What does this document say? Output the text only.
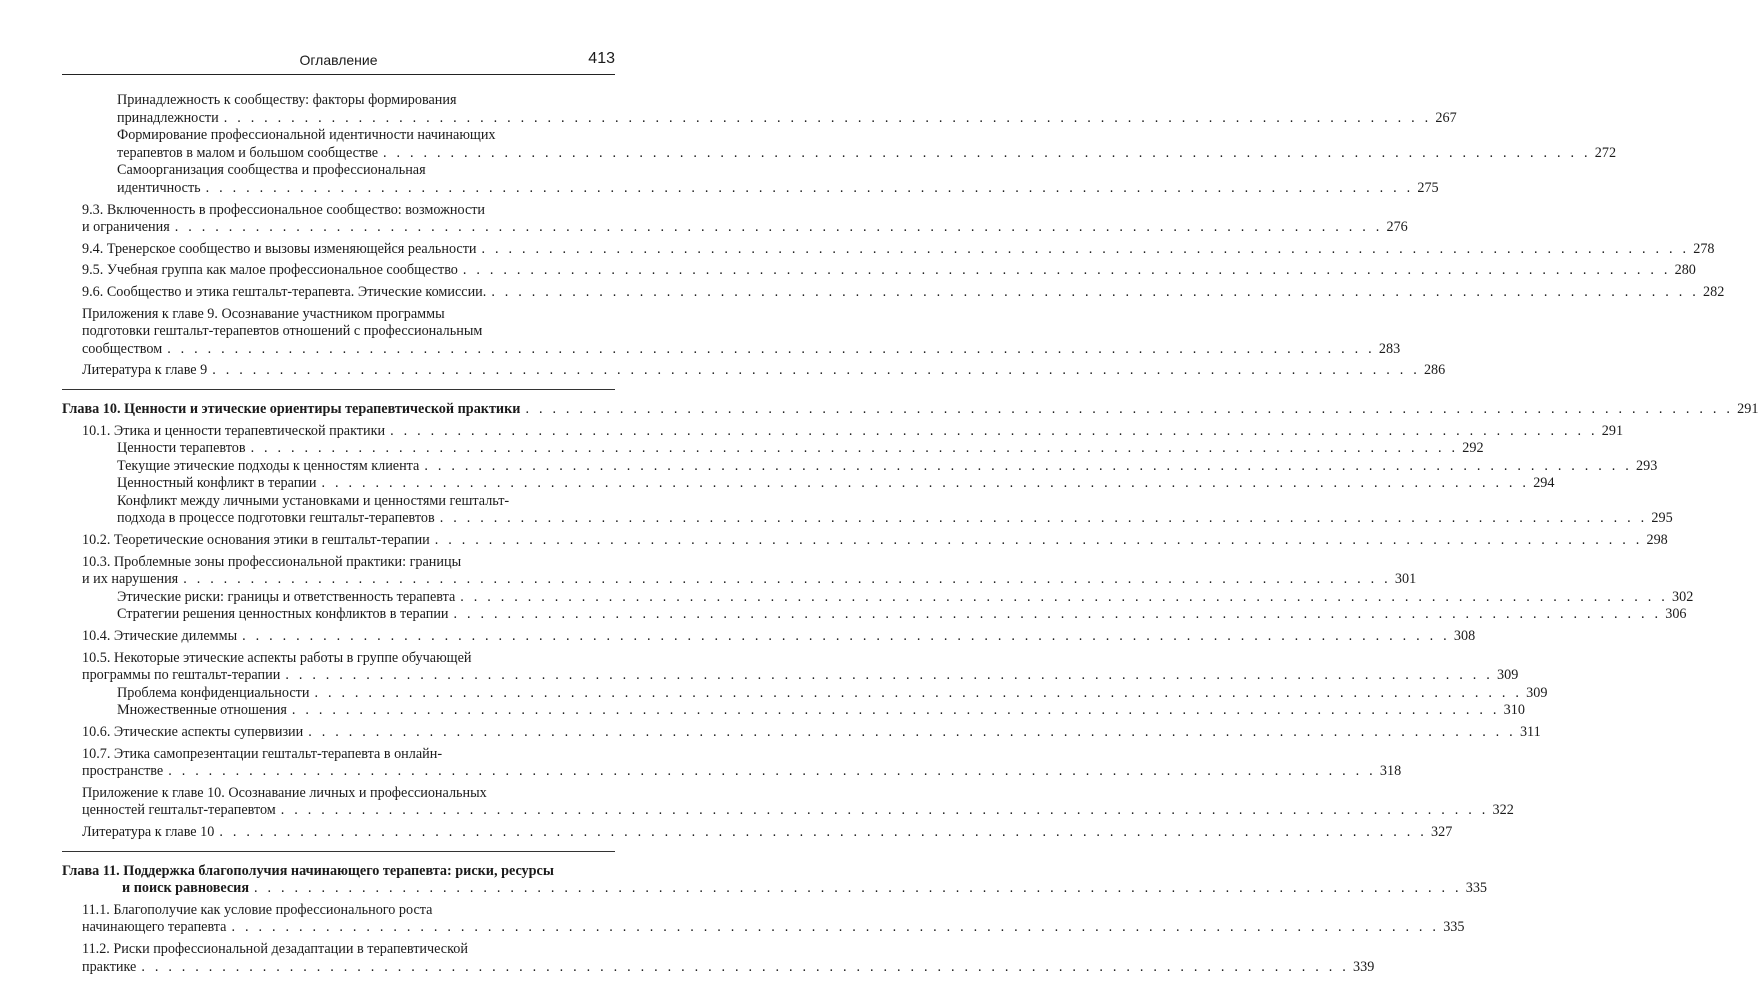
Оглавление	413
Принадлежность к сообществу: факторы формирования
принадлежности . . . . . . . . . . . . . . . . . . . . . . . . . . . . . . . . . . . . . . . . . . . . . . . . . . . . . . . . . . . . . . . . . . . . . . . . . . . . . . . . . . . . . . . . . . 267
Формирование профессиональной идентичности начинающих
терапевтов в малом и большом сообществе . . . . . . . . . . . . . . . . . . . . . . . . . . . . . . . . . . . . . . . . . . . . . . . . . . . . . . . . . . . . . . . . . . . . . . . . . . . . . . . . . . . . . . . . . . 272
Самоорганизация сообщества и профессиональная
идентичность . . . . . . . . . . . . . . . . . . . . . . . . . . . . . . . . . . . . . . . . . . . . . . . . . . . . . . . . . . . . . . . . . . . . . . . . . . . . . . . . . . . . . . . . . . 275
9.3. Включенность в профессиональное сообщество: возможности
и ограничения . . . . . . . . . . . . . . . . . . . . . . . . . . . . . . . . . . . . . . . . . . . . . . . . . . . . . . . . . . . . . . . . . . . . . . . . . . . . . . . . . . . . . . . . . . 276
9.4. Тренерское сообщество и вызовы изменяющейся реальности . . . . . . . . . . . . . . . . . . . . . . . . . . . . . . . . . . . . . . . . . . . . . . . . . . . . . . . . . . . . . . . . . . . . . . . . . . . . . . . . . . . . . . . . . . 278
9.5. Учебная группа как малое профессиональное сообщество . . . . . . . . . . . . . . . . . . . . . . . . . . . . . . . . . . . . . . . . . . . . . . . . . . . . . . . . . . . . . . . . . . . . . . . . . . . . . . . . . . . . . . . . . . 280
9.6. Сообщество и этика гештальт-терапевта. Этические комиссии. . . . . . . . . . . . . . . . . . . . . . . . . . . . . . . . . . . . . . . . . . . . . . . . . . . . . . . . . . . . . . . . . . . . . . . . . . . . . . . . . . . . . . . . . . . 282
Приложения к главе 9. Осознавание участником программы
подготовки гештальт-терапевтов отношений с профессиональным
сообществом . . . . . . . . . . . . . . . . . . . . . . . . . . . . . . . . . . . . . . . . . . . . . . . . . . . . . . . . . . . . . . . . . . . . . . . . . . . . . . . . . . . . . . . . . . 283
Литература к главе 9 . . . . . . . . . . . . . . . . . . . . . . . . . . . . . . . . . . . . . . . . . . . . . . . . . . . . . . . . . . . . . . . . . . . . . . . . . . . . . . . . . . . . . . . . . . 286
Глава 10. Ценности и этические ориентиры терапевтической практики . . . . . . . . . . . . . . . . . . . . . . . . . . . . . . . . . . . . . . . . . . . . . . . . . . . . . . . . . . . . . . . . . . . . . . . . . . . . . . . . . . . . . . . . . . 291
10.1. Этика и ценности терапевтической практики . . . . . . . . . . . . . . . . . . . . . . . . . . . . . . . . . . . . . . . . . . . . . . . . . . . . . . . . . . . . . . . . . . . . . . . . . . . . . . . . . . . . . . . . . . 291
Ценности терапевтов . . . . . . . . . . . . . . . . . . . . . . . . . . . . . . . . . . . . . . . . . . . . . . . . . . . . . . . . . . . . . . . . . . . . . . . . . . . . . . . . . . . . . . . . . . 292
Текущие этические подходы к ценностям клиента . . . . . . . . . . . . . . . . . . . . . . . . . . . . . . . . . . . . . . . . . . . . . . . . . . . . . . . . . . . . . . . . . . . . . . . . . . . . . . . . . . . . . . . . . . 293
Ценностный конфликт в терапии . . . . . . . . . . . . . . . . . . . . . . . . . . . . . . . . . . . . . . . . . . . . . . . . . . . . . . . . . . . . . . . . . . . . . . . . . . . . . . . . . . . . . . . . . . 294
Конфликт между личными установками и ценностями гештальт-
подхода в процессе подготовки гештальт-терапевтов . . . . . . . . . . . . . . . . . . . . . . . . . . . . . . . . . . . . . . . . . . . . . . . . . . . . . . . . . . . . . . . . . . . . . . . . . . . . . . . . . . . . . . . . . . 295
10.2. Теоретические основания этики в гештальт-терапии . . . . . . . . . . . . . . . . . . . . . . . . . . . . . . . . . . . . . . . . . . . . . . . . . . . . . . . . . . . . . . . . . . . . . . . . . . . . . . . . . . . . . . . . . . 298
10.3. Проблемные зоны профессиональной практики: границы
и их нарушения . . . . . . . . . . . . . . . . . . . . . . . . . . . . . . . . . . . . . . . . . . . . . . . . . . . . . . . . . . . . . . . . . . . . . . . . . . . . . . . . . . . . . . . . . . 301
Этические риски: границы и ответственность терапевта . . . . . . . . . . . . . . . . . . . . . . . . . . . . . . . . . . . . . . . . . . . . . . . . . . . . . . . . . . . . . . . . . . . . . . . . . . . . . . . . . . . . . . . . . . 302
Стратегии решения ценностных конфликтов в терапии . . . . . . . . . . . . . . . . . . . . . . . . . . . . . . . . . . . . . . . . . . . . . . . . . . . . . . . . . . . . . . . . . . . . . . . . . . . . . . . . . . . . . . . . . . 306
10.4. Этические дилеммы . . . . . . . . . . . . . . . . . . . . . . . . . . . . . . . . . . . . . . . . . . . . . . . . . . . . . . . . . . . . . . . . . . . . . . . . . . . . . . . . . . . . . . . . . . 308
10.5. Некоторые этические аспекты работы в группе обучающей
программы по гештальт-терапии . . . . . . . . . . . . . . . . . . . . . . . . . . . . . . . . . . . . . . . . . . . . . . . . . . . . . . . . . . . . . . . . . . . . . . . . . . . . . . . . . . . . . . . . . . 309
Проблема конфиденциальности . . . . . . . . . . . . . . . . . . . . . . . . . . . . . . . . . . . . . . . . . . . . . . . . . . . . . . . . . . . . . . . . . . . . . . . . . . . . . . . . . . . . . . . . . . 309
Множественные отношения . . . . . . . . . . . . . . . . . . . . . . . . . . . . . . . . . . . . . . . . . . . . . . . . . . . . . . . . . . . . . . . . . . . . . . . . . . . . . . . . . . . . . . . . . . 310
10.6. Этические аспекты супервизии . . . . . . . . . . . . . . . . . . . . . . . . . . . . . . . . . . . . . . . . . . . . . . . . . . . . . . . . . . . . . . . . . . . . . . . . . . . . . . . . . . . . . . . . . . 311
10.7. Этика самопрезентации гештальт-терапевта в онлайн-
пространстве . . . . . . . . . . . . . . . . . . . . . . . . . . . . . . . . . . . . . . . . . . . . . . . . . . . . . . . . . . . . . . . . . . . . . . . . . . . . . . . . . . . . . . . . . . 318
Приложение к главе 10. Осознавание личных и профессиональных
ценностей гештальт-терапевтом . . . . . . . . . . . . . . . . . . . . . . . . . . . . . . . . . . . . . . . . . . . . . . . . . . . . . . . . . . . . . . . . . . . . . . . . . . . . . . . . . . . . . . . . . . 322
Литература к главе 10 . . . . . . . . . . . . . . . . . . . . . . . . . . . . . . . . . . . . . . . . . . . . . . . . . . . . . . . . . . . . . . . . . . . . . . . . . . . . . . . . . . . . . . . . . . 327
Глава 11. Поддержка благополучия начинающего терапевта: риски, ресурсы
и поиск равновесия . . . . . . . . . . . . . . . . . . . . . . . . . . . . . . . . . . . . . . . . . . . . . . . . . . . . . . . . . . . . . . . . . . . . . . . . . . . . . . . . . . . . . . . . . . 335
11.1. Благополучие как условие профессионального роста
начинающего терапевта . . . . . . . . . . . . . . . . . . . . . . . . . . . . . . . . . . . . . . . . . . . . . . . . . . . . . . . . . . . . . . . . . . . . . . . . . . . . . . . . . . . . . . . . . . 335
11.2. Риски профессиональной дезадаптации в терапевтической
практике . . . . . . . . . . . . . . . . . . . . . . . . . . . . . . . . . . . . . . . . . . . . . . . . . . . . . . . . . . . . . . . . . . . . . . . . . . . . . . . . . . . . . . . . . . 339
